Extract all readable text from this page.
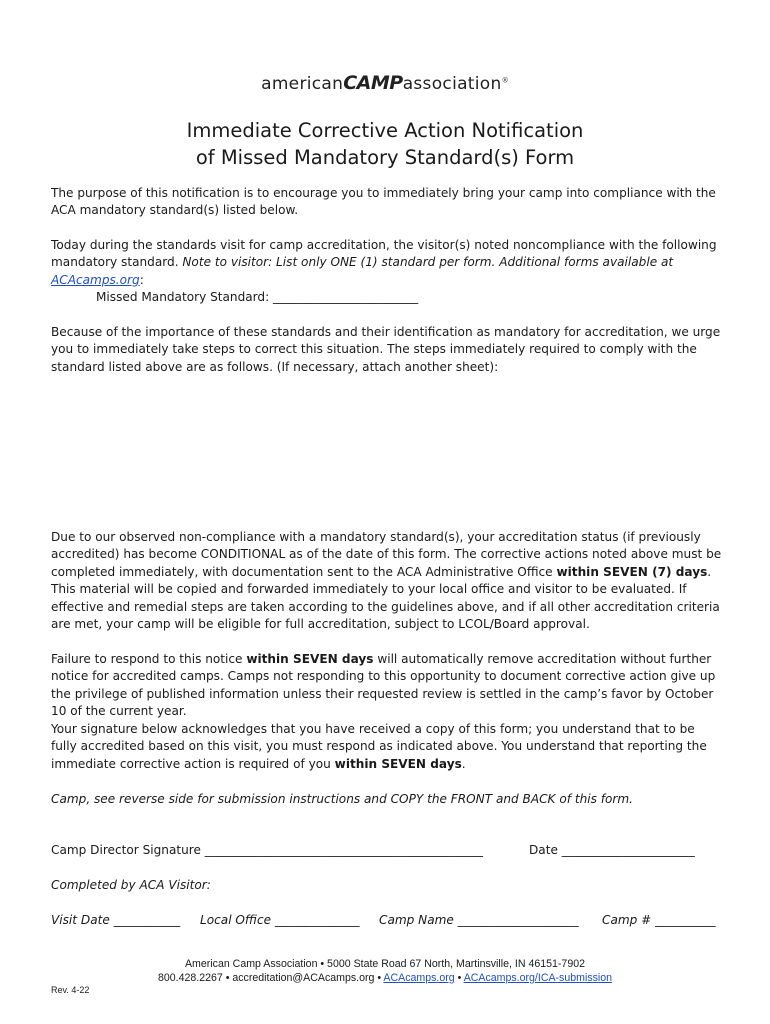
americanCAMPassociation®
Immediate Corrective Action Notification
of Missed Mandatory Standard(s) Form
The purpose of this notification is to encourage you to immediately bring your camp into compliance with the ACA mandatory standard(s) listed below.
Today during the standards visit for camp accreditation, the visitor(s) noted noncompliance with the following mandatory standard. Note to visitor: List only ONE (1) standard per form. Additional forms available at ACAcamps.org:
Missed Mandatory Standard: ________________________
Because of the importance of these standards and their identification as mandatory for accreditation, we urge you to immediately take steps to correct this situation. The steps immediately required to comply with the standard listed above are as follows. (If necessary, attach another sheet):
Due to our observed non-compliance with a mandatory standard(s), your accreditation status (if previously accredited) has become CONDITIONAL as of the date of this form. The corrective actions noted above must be completed immediately, with documentation sent to the ACA Administrative Office within SEVEN (7) days. This material will be copied and forwarded immediately to your local office and visitor to be evaluated. If effective and remedial steps are taken according to the guidelines above, and if all other accreditation criteria are met, your camp will be eligible for full accreditation, subject to LCOL/Board approval.
Failure to respond to this notice within SEVEN days will automatically remove accreditation without further notice for accredited camps. Camps not responding to this opportunity to document corrective action give up the privilege of published information unless their requested review is settled in the camp’s favor by October 10 of the current year.
Your signature below acknowledges that you have received a copy of this form; you understand that to be fully accredited based on this visit, you must respond as indicated above. You understand that reporting the immediate corrective action is required of you within SEVEN days.
Camp, see reverse side for submission instructions and COPY the FRONT and BACK of this form.
Camp Director Signature ______________________________________________	Date ______________________
Completed by ACA Visitor:
Visit Date ___________ Local Office ______________ Camp Name ____________________ Camp # __________
American Camp Association • 5000 State Road 67 North, Martinsville, IN 46151-7902
800.428.2267 • accreditation@ACAcamps.org • ACAcamps.org • ACAcamps.org/ICA-submission
Rev. 4-22
